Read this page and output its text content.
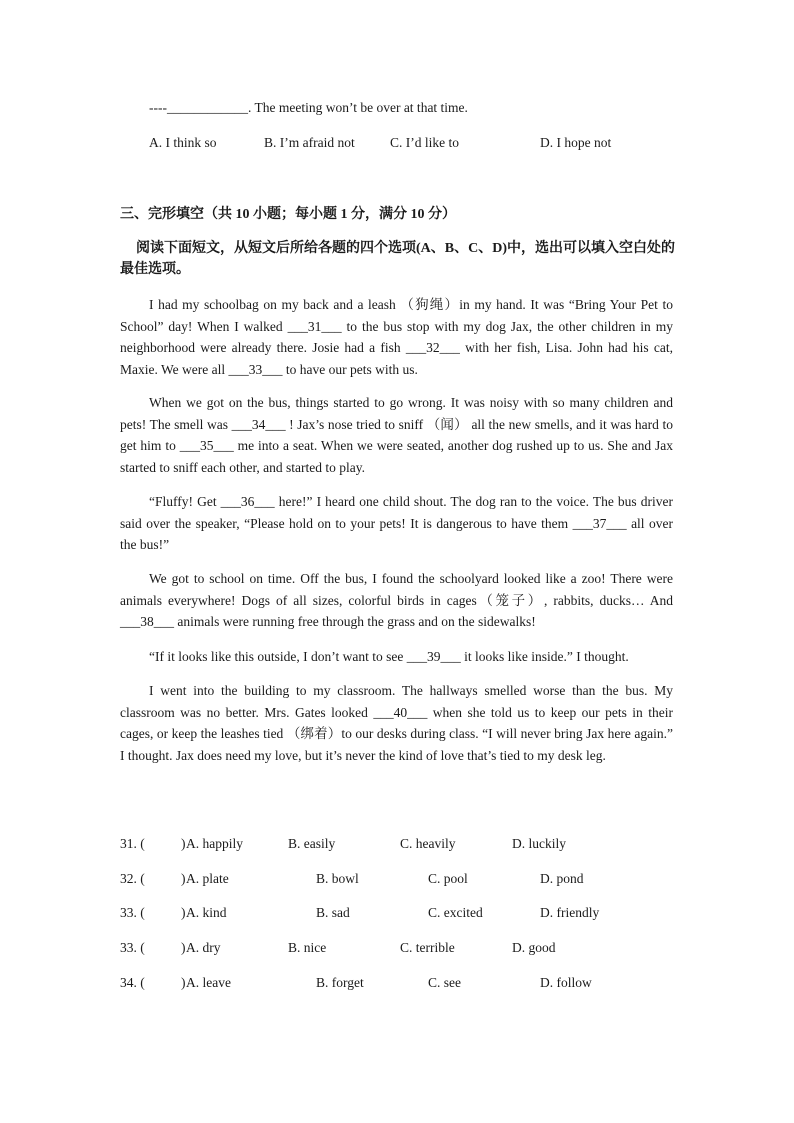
----____________. The meeting won’t be over at that time.
A. I think so	B. I’m afraid not	C. I’d like to	D. I hope not
三、完形填空（共 10 小题；每小题 1 分，满分 10 分）
阅读下面短文，从短文后所给各题的四个选项(A、B、C、D)中，选出可以填入空白处的最佳选项。
I had my schoolbag on my back and a leash （狗绳）in my hand. It was “Bring Your Pet to School” day! When I walked ___31___ to the bus stop with my dog Jax, the other children in my neighborhood were already there. Josie had a fish ___32___ with her fish, Lisa. John had his cat, Maxie. We were all ___33___ to have our pets with us.
When we got on the bus, things started to go wrong. It was noisy with so many children and pets! The smell was ___34___ ! Jax’s nose tried to sniff （闻） all the new smells, and it was hard to get him to ___35___ me into a seat. When we were seated, another dog rushed up to us. She and Jax started to sniff each other, and started to play.
“Fluffy! Get ___36___ here!” I heard one child shout. The dog ran to the voice. The bus driver said over the speaker, “Please hold on to your pets! It is dangerous to have them ___37___ all over the bus!”
We got to school on time. Off the bus, I found the schoolyard looked like a zoo! There were animals everywhere! Dogs of all sizes, colorful birds in cages（笼子）, rabbits, ducks… And ___38___ animals were running free through the grass and on the sidewalks!
“If it looks like this outside, I don’t want to see ___39___ it looks like inside.” I thought.
I went into the building to my classroom. The hallways smelled worse than the bus. My classroom was no better. Mrs. Gates looked ___40___ when she told us to keep our pets in their cages, or keep the leashes tied （绑着）to our desks during class. “I will never bring Jax here again.” I thought. Jax does need my love, but it’s never the kind of love that’s tied to my desk leg.
31. (	) A. happily	B. easily	C. heavily	D. luckily
32. (	) A. plate	B. bowl	C. pool	D. pond
33. (	) A. kind	B. sad	C. excited	D. friendly
33. (	) A. dry	B. nice	C. terrible	D. good
34. (	) A. leave	B. forget	C. see	D. follow
